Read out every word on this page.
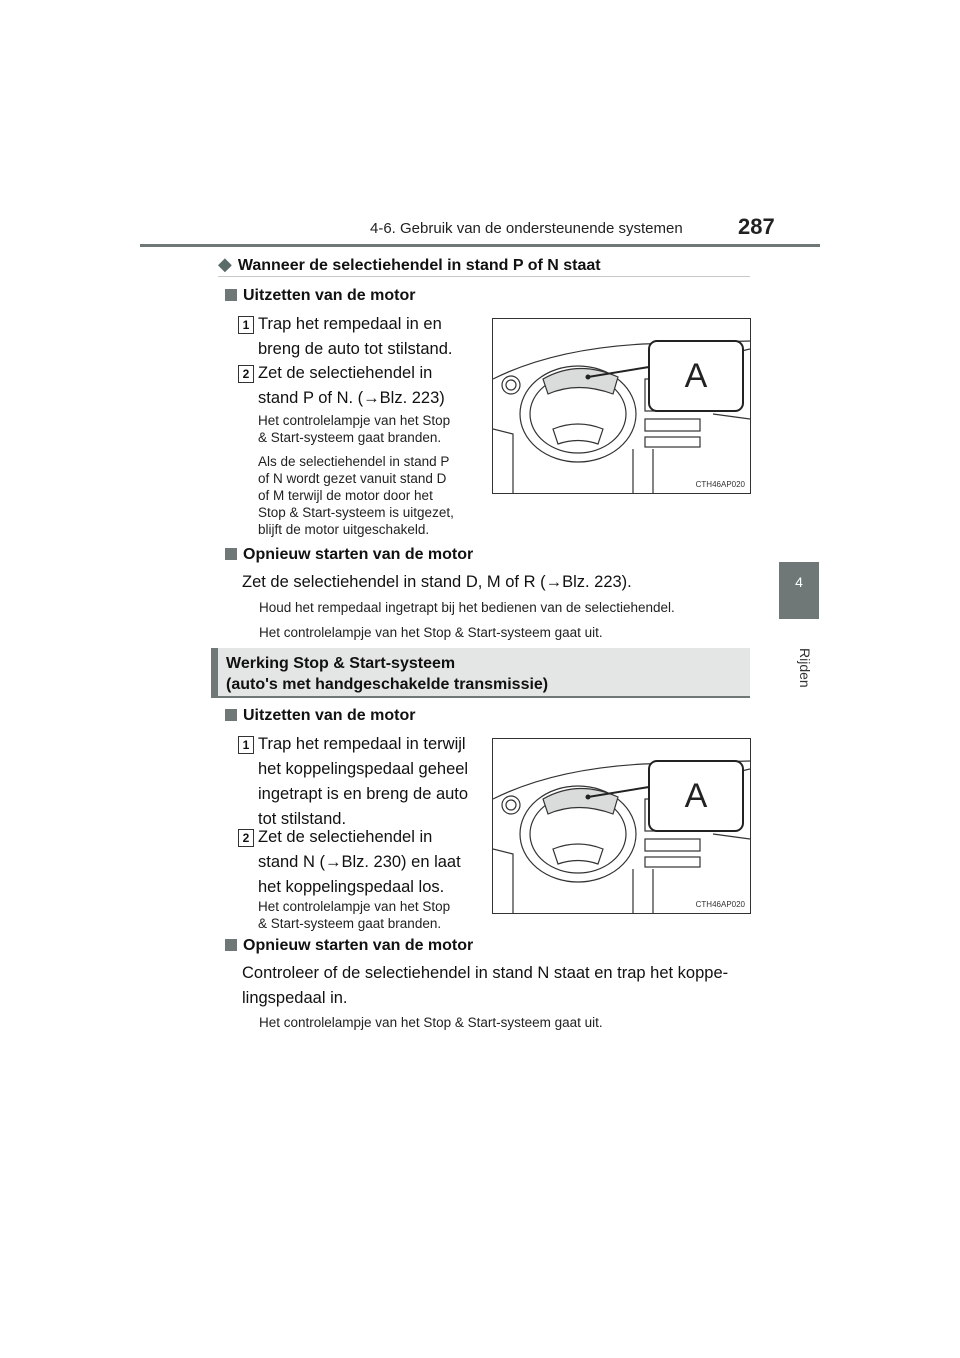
4-6. Gebruik van de ondersteunende systemen	287
4
Rijden
◆ Wanneer de selectiehendel in stand P of N staat
Uitzetten van de motor
1 Trap het rempedaal in en
breng de auto tot stilstand.
2 Zet de selectiehendel in
stand P of N. (→Blz. 223)
Het controlelampje van het Stop
& Start-systeem gaat branden.
Als de selectiehendel in stand P
of N wordt gezet vanuit stand D
of M terwijl de motor door het
Stop & Start-systeem is uitgezet,
blijft de motor uitgeschakeld.
A
CTH46AP020
Opnieuw starten van de motor
Zet de selectiehendel in stand D, M of R (→Blz. 223).
Houd het rempedaal ingetrapt bij het bedienen van de selectiehendel.
Het controlelampje van het Stop & Start-systeem gaat uit.
Werking Stop & Start-systeem
(auto's met handgeschakelde transmissie)
Uitzetten van de motor
1 Trap het rempedaal in terwijl
het koppelingspedaal geheel
ingetrapt is en breng de auto
tot stilstand.
2 Zet de selectiehendel in
stand N (→Blz. 230) en laat
het koppelingspedaal los.
Het controlelampje van het Stop
& Start-systeem gaat branden.
A
CTH46AP020
Opnieuw starten van de motor
Controleer of de selectiehendel in stand N staat en trap het koppe-
lingspedaal in.
Het controlelampje van het Stop & Start-systeem gaat uit.
